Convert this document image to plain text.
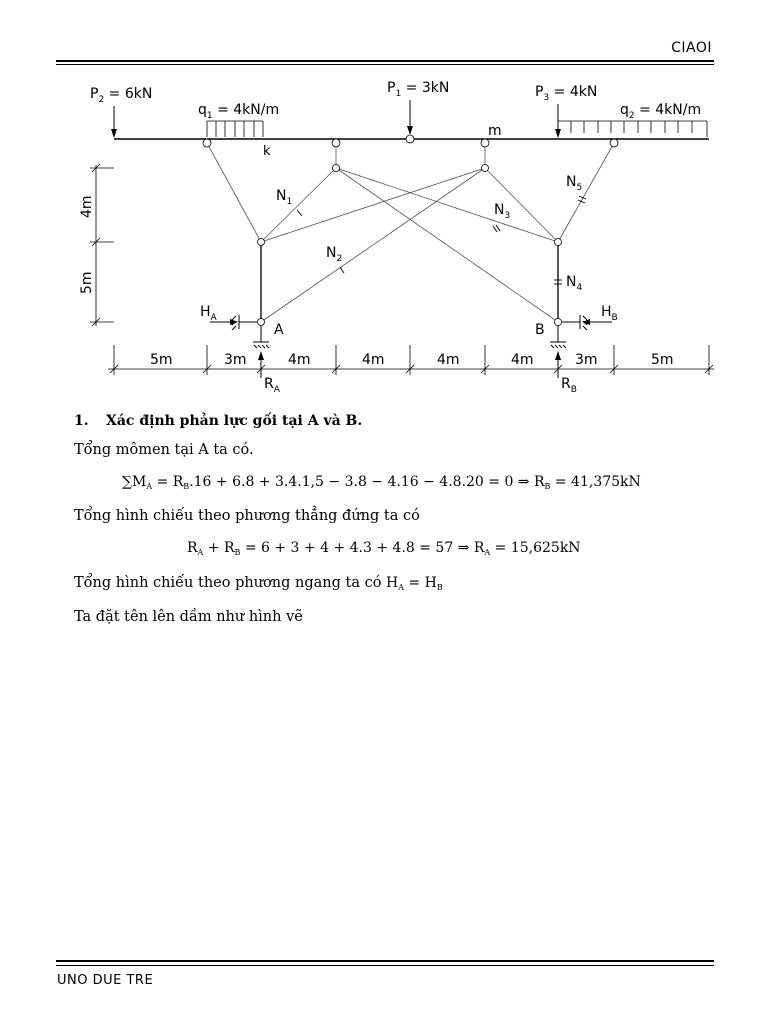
CIAOI
$P_2 = 6kN$	$P_1 = 3kN$	$P_3 = 4kN$
$q_1 = 4kN/m$	$q_2 = 4kN/m$
k
m
$N_1$
$N_2$
$N_3$
$N_5$
$N_4$
$H_A$	$H_B$
A	B
$R_A$	$R_B$
4m
5m
5m	3m	4m	4m	4m	4m	3m	5m
1. Xác định phản lực gối tại A và B.
Tổng mômen tại A ta có.
$\sum M_A = R_B.16 + 6.8 + 3.4.1,5 - 3.8 - 4.16 - 4.8.20 = 0$ ⇒ $R_B = 41,375kN$
Tổng hình chiếu theo phương thẳng đứng ta có
$R_A + R_B = 6 + 3 + 4 + 4.3 + 4.8 = 57$ ⇒ $R_A = 15,625kN$
Tổng hình chiếu theo phương ngang ta có $H_A = H_B$
Ta đặt tên lên dầm như hình vẽ
UNO DUE TRE
